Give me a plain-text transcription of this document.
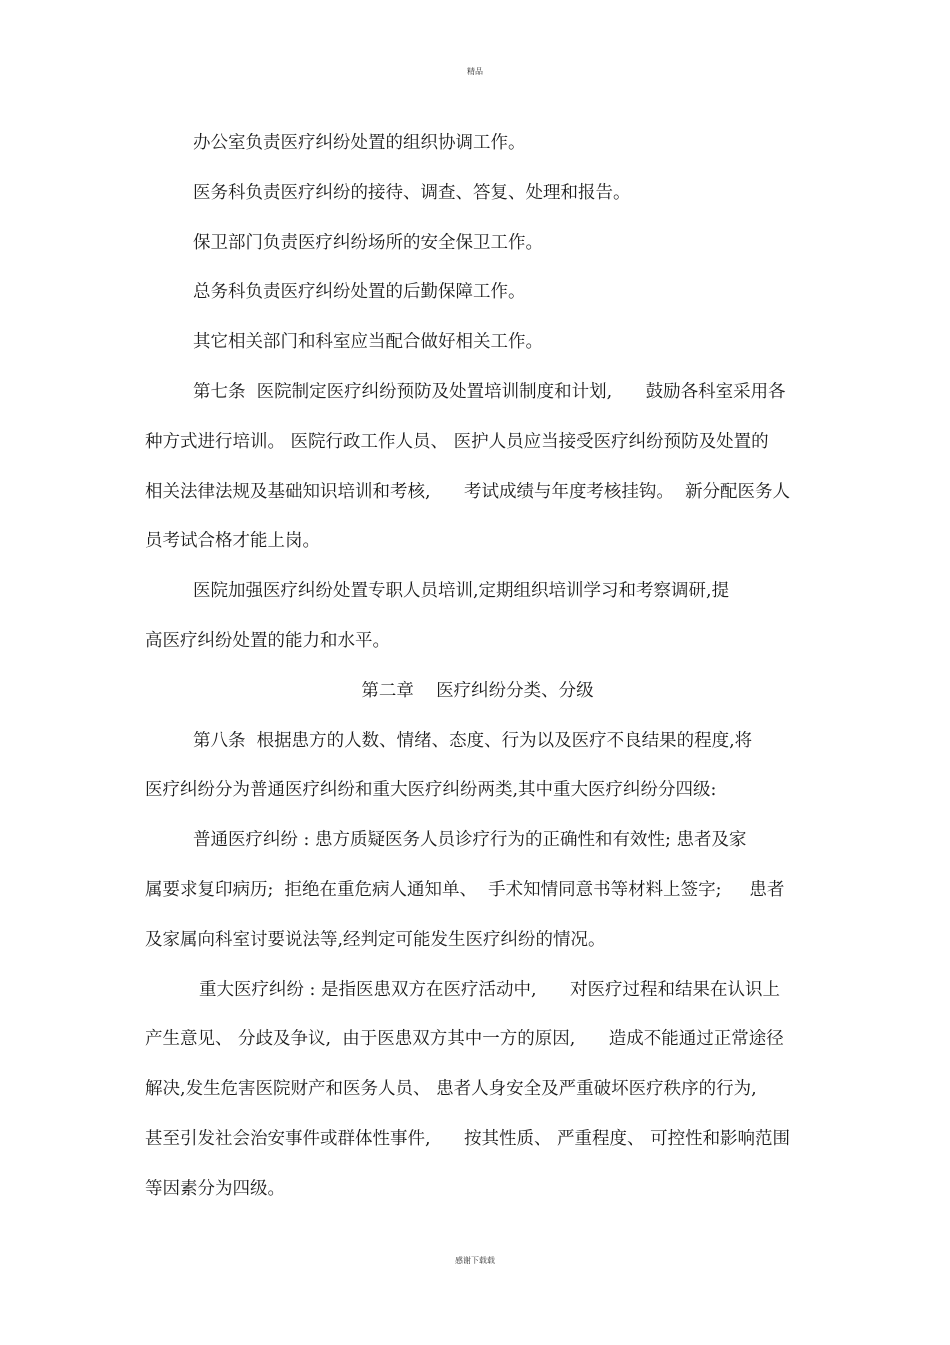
精品
办公室负责医疗纠纷处置的组织协调工作。
医务科负责医疗纠纷的接待、调查、答复、处理和报告。
保卫部门负责医疗纠纷场所的安全保卫工作。
总务科负责医疗纠纷处置的后勤保障工作。
其它相关部门和科室应当配合做好相关工作。
第七条  医院制定医疗纠纷预防及处置培训制度和计划,      鼓励各科室采用各
种方式进行培训。 医院行政工作人员、 医护人员应当接受医疗纠纷预防及处置的
相关法律法规及基础知识培训和考核,      考试成绩与年度考核挂钩。  新分配医务人
员考试合格才能上岗。
医院加强医疗纠纷处置专职人员培训,定期组织培训学习和考察调研,提
高医疗纠纷处置的能力和水平。
第二章    医疗纠纷分类、分级
第八条  根据患方的人数、情绪、态度、行为以及医疗不良结果的程度,将
医疗纠纷分为普通医疗纠纷和重大医疗纠纷两类,其中重大医疗纠纷分四级:
普通医疗纠纷 : 患方质疑医务人员诊疗行为的正确性和有效性; 患者及家
属要求复印病历;  拒绝在重危病人通知单、  手术知情同意书等材料上签字;     患者
及家属向科室讨要说法等,经判定可能发生医疗纠纷的情况。
重大医疗纠纷 : 是指医患双方在医疗活动中,      对医疗过程和结果在认识上
产生意见、 分歧及争议,  由于医患双方其中一方的原因,      造成不能通过正常途径
解决,发生危害医院财产和医务人员、 患者人身安全及严重破坏医疗秩序的行为,
甚至引发社会治安事件或群体性事件,      按其性质、 严重程度、 可控性和影响范围
等因素分为四级。
感谢下载载
